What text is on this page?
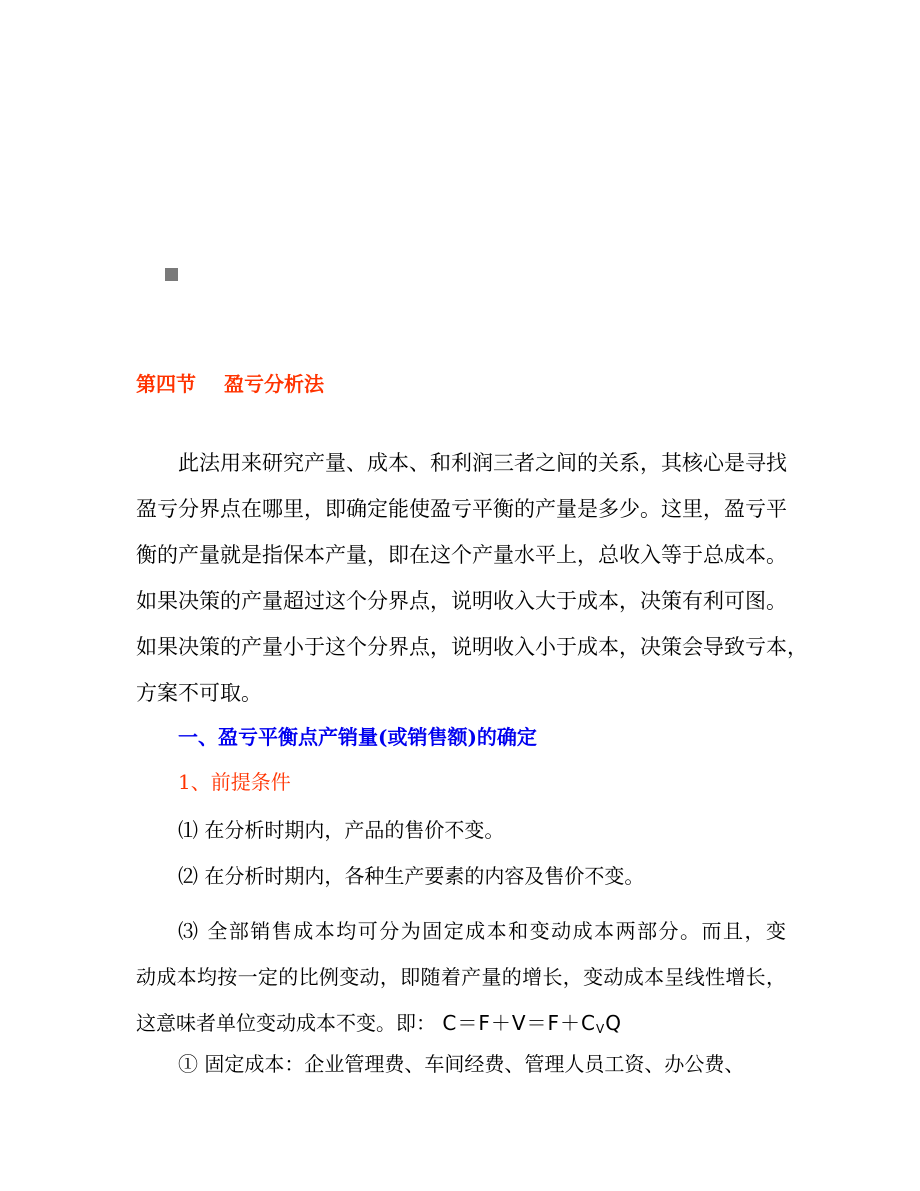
第四节 盈亏分析法

此法用来研究产量、成本、和利润三者之间的关系，其核心是寻找
盈亏分界点在哪里，即确定能使盈亏平衡的产量是多少。这里，盈亏平
衡的产量就是指保本产量，即在这个产量水平上，总收入等于总成本。
如果决策的产量超过这个分界点，说明收入大于成本，决策有利可图。
如果决策的产量小于这个分界点，说明收入小于成本，决策会导致亏本，
方案不可取。

一、盈亏平衡点产销量(或销售额)的确定
1、前提条件
⑴ 在分析时期内，产品的售价不变。
⑵ 在分析时期内，各种生产要素的内容及售价不变。
⑶ 全部销售成本均可分为固定成本和变动成本两部分。而且，变
动成本均按一定的比例变动，即随着产量的增长，变动成本呈线性增长，
这意味者单位变动成本不变。即： $C=F+V=F+C_VQ$
① 固定成本：企业管理费、车间经费、管理人员工资、办公费、
